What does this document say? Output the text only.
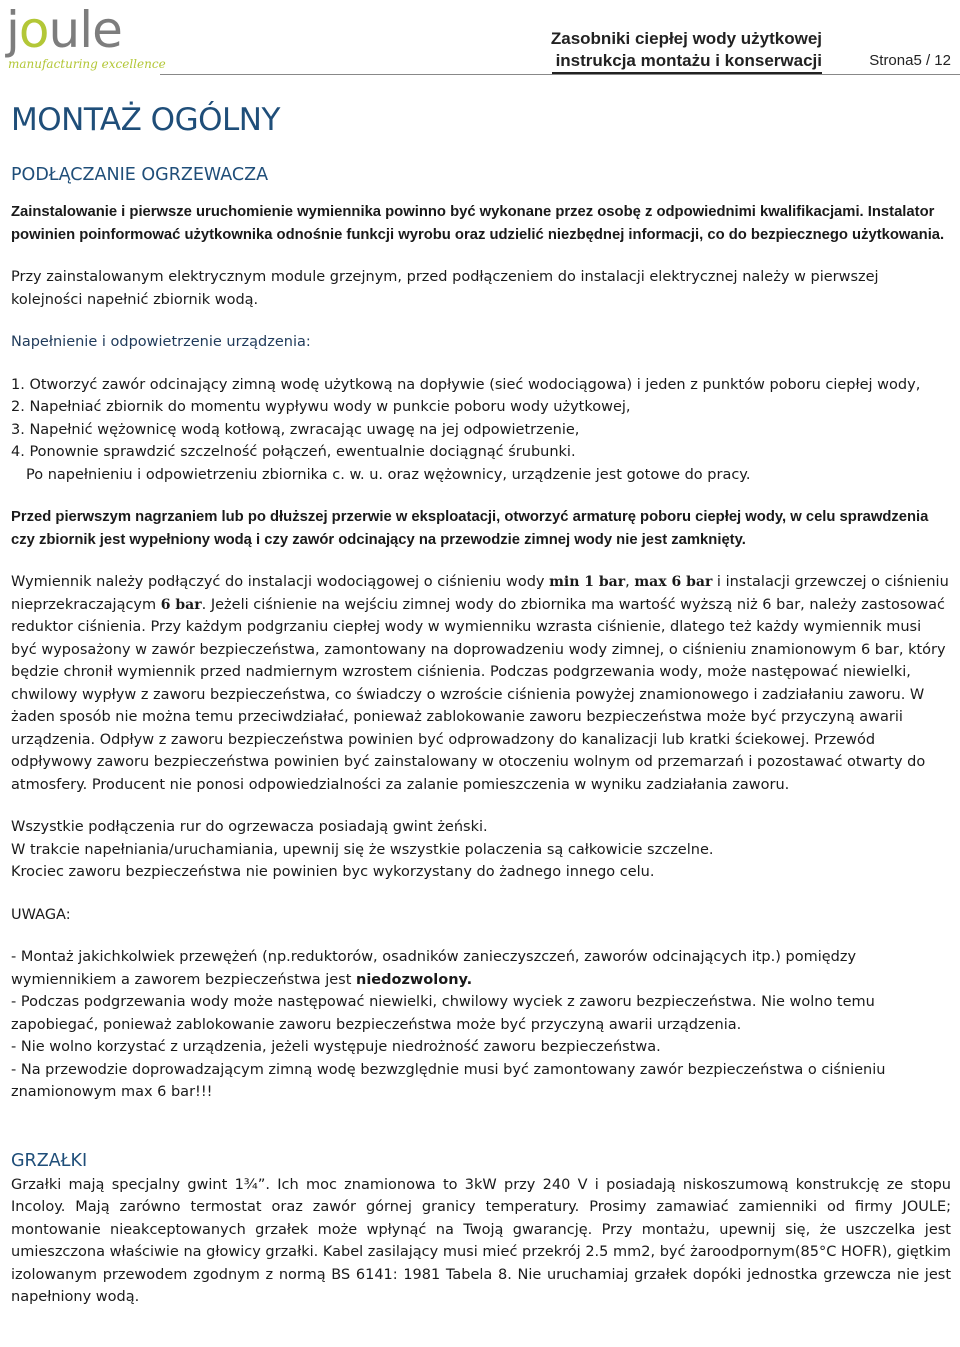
joule
manufacturing excellence
Zasobniki ciepłej wody użytkowej
instrukcja montażu i konserwacji	Strona5 / 12
MONTAŻ OGÓLNY
PODŁĄCZANIE OGRZEWACZA

Zainstalowanie i pierwsze uruchomienie wymiennika powinno być wykonane przez osobę z odpowiednimi kwalifikacjami. Instalator powinien poinformować użytkownika odnośnie funkcji wyrobu oraz udzielić niezbędnej informacji, co do bezpiecznego użytkowania.

Przy zainstalowanym elektrycznym module grzejnym, przed podłączeniem do instalacji elektrycznej należy w pierwszej kolejności napełnić zbiornik wodą.

Napełnienie i odpowietrzenie urządzenia:

1. Otworzyć zawór odcinający zimną wodę użytkową na dopływie (sieć wodociągowa) i jeden z punktów poboru ciepłej wody,

2. Napełniać zbiornik do momentu wypływu wody w punkcie poboru wody użytkowej,

3. Napełnić wężownicę wodą kotłową, zwracając uwagę na jej odpowietrzenie,

4. Ponownie sprawdzić szczelność połączeń, ewentualnie dociągnąć śrubunki.

Po napełnieniu i odpowietrzeniu zbiornika c. w. u. oraz wężownicy, urządzenie jest gotowe do pracy.

Przed pierwszym nagrzaniem lub po dłuższej przerwie w eksploatacji, otworzyć armaturę poboru ciepłej wody, w celu sprawdzenia czy zbiornik jest wypełniony wodą i czy zawór odcinający na przewodzie zimnej wody nie jest zamknięty.

Wymiennik należy podłączyć do instalacji wodociągowej o ciśnieniu wody min 1 bar, max 6 bar i instalacji grzewczej o ciśnieniu nieprzekraczającym 6 bar. Jeżeli ciśnienie na wejściu zimnej wody do zbiornika ma wartość wyższą niż 6 bar, należy zastosować reduktor ciśnienia. Przy każdym podgrzaniu ciepłej wody w wymienniku wzrasta ciśnienie, dlatego też każdy wymiennik musi być wyposażony w zawór bezpieczeństwa, zamontowany na doprowadzeniu wody zimnej, o ciśnieniu znamionowym 6 bar, który będzie chronił wymiennik przed nadmiernym wzrostem ciśnienia. Podczas podgrzewania wody, może następować niewielki, chwilowy wypływ z zaworu bezpieczeństwa, co świadczy o wzroście ciśnienia powyżej znamionowego i zadziałaniu zaworu. W żaden sposób nie można temu przeciwdziałać, ponieważ zablokowanie zaworu bezpieczeństwa może być przyczyną awarii urządzenia. Odpływ z zaworu bezpieczeństwa powinien być odprowadzony do kanalizacji lub kratki ściekowej. Przewód odpływowy zaworu bezpieczeństwa powinien być zainstalowany w otoczeniu wolnym od przemarzań i pozostawać otwarty do atmosfery. Producent nie ponosi odpowiedzialności za zalanie pomieszczenia w wyniku zadziałania zaworu.

Wszystkie podłączenia rur do ogrzewacza posiadają gwint żeński.

W trakcie napełniania/uruchamiania, upewnij się że wszystkie polaczenia są całkowicie szczelne.

Krociec zaworu bezpieczeństwa nie powinien byc wykorzystany do żadnego innego celu.

UWAGA:

- Montaż jakichkolwiek przewężeń (np.reduktorów, osadników zanieczyszczeń, zaworów odcinających itp.) pomiędzy wymiennikiem a zaworem bezpieczeństwa jest niedozwolony.

- Podczas podgrzewania wody może następować niewielki, chwilowy wyciek z zaworu bezpieczeństwa. Nie wolno temu zapobiegać, ponieważ zablokowanie zaworu bezpieczeństwa może być przyczyną awarii urządzenia.

- Nie wolno korzystać z urządzenia, jeżeli występuje niedrożność zaworu bezpieczeństwa.

- Na przewodzie doprowadzającym zimną wodę bezwzględnie musi być zamontowany zawór bezpieczeństwa o ciśnieniu znamionowym max 6 bar!!!

GRZAŁKI

Grzałki mają specjalny gwint 1¾”. Ich moc znamionowa to 3kW przy 240 V i posiadają niskoszumową konstrukcję ze stopu Incoloy. Mają zarówno termostat oraz zawór górnej granicy temperatury. Prosimy zamawiać zamienniki od firmy JOULE; montowanie nieakceptowanych grzałek może wpłynąć na Twoją gwarancję. Przy montażu, upewnij się, że uszczelka jest umieszczona właściwie na głowicy grzałki. Kabel zasilający musi mieć przekrój 2.5 mm2, być żaroodpornym(85°C HOFR), giętkim izolowanym przewodem zgodnym z normą BS 6141: 1981 Tabela 8. Nie uruchamiaj grzałek dopóki jednostka grzewcza nie jest napełniony wodą.
